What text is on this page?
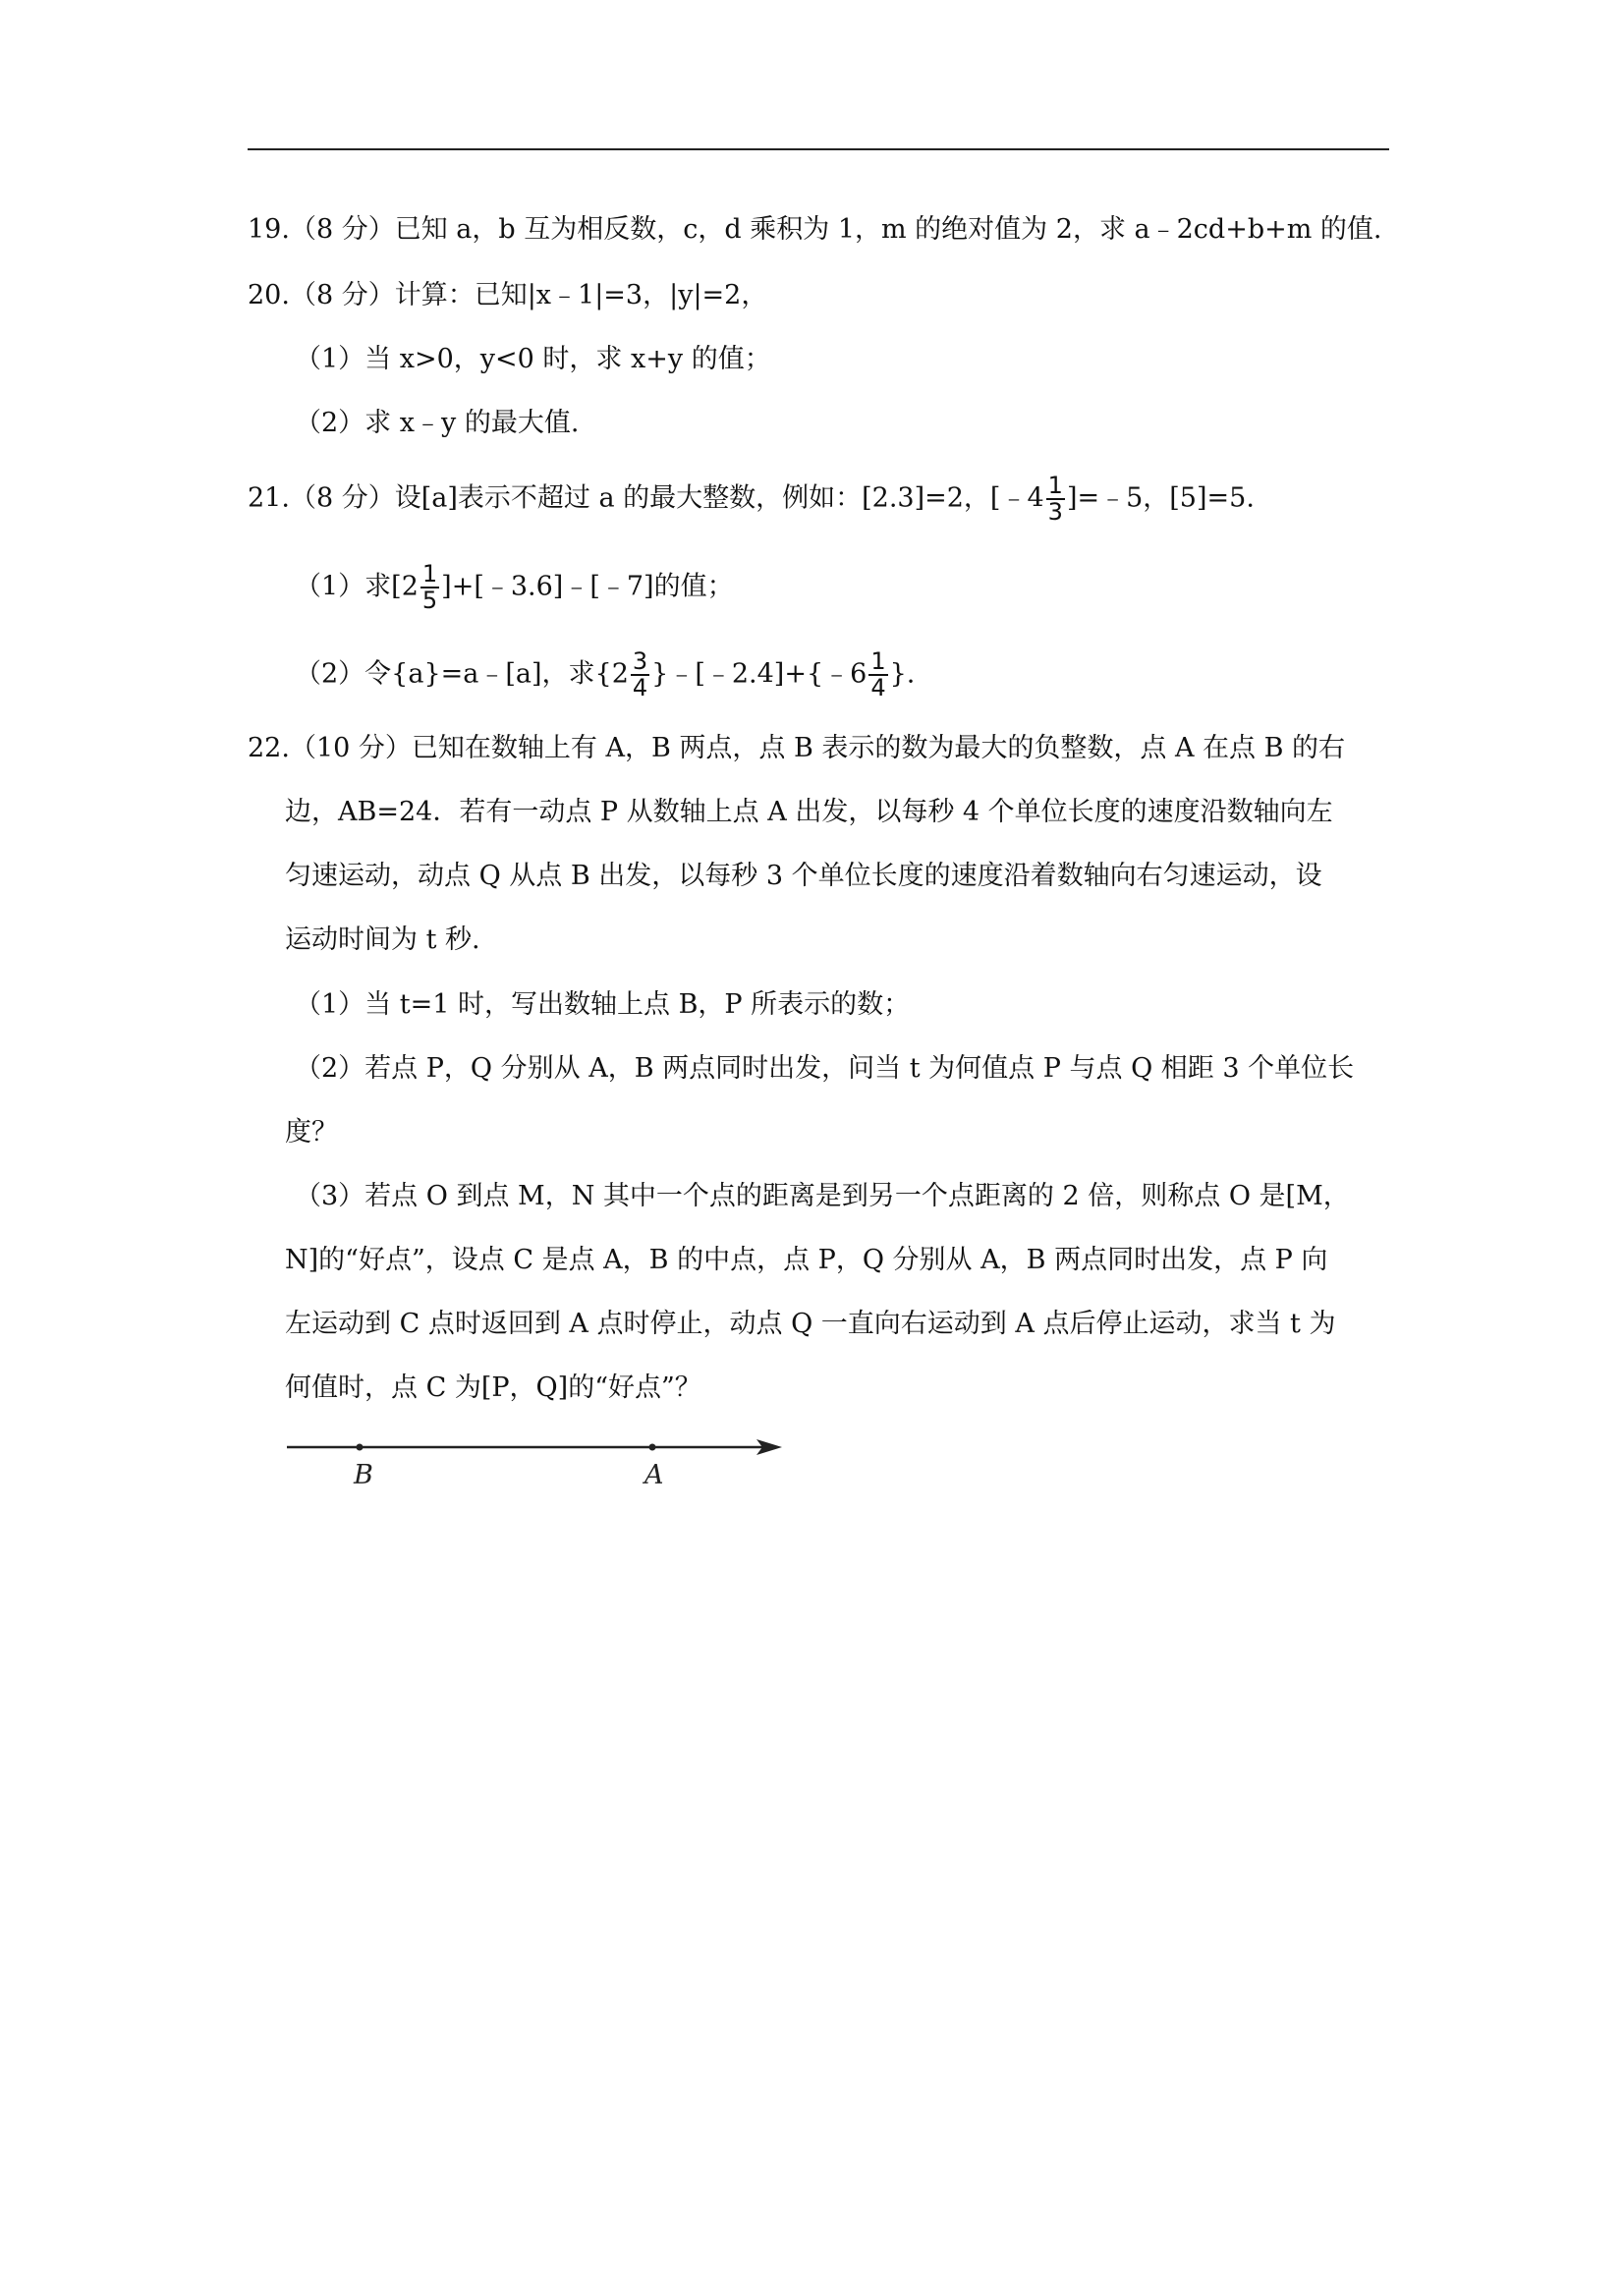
19.（8 分）已知 a，b 互为相反数，c，d 乘积为 1，m 的绝对值为 2，求 a﹣2cd+b+m 的值.
20.（8 分）计算：已知|x﹣1|=3，|y|=2，
（1）当 x>0，y<0 时，求 x+y 的值；
（2）求 x﹣y 的最大值.
21.（8 分）设[a]表示不超过 a 的最大整数，例如：[2.3]=2，[﹣4 $\frac{1}{3}$ ]=﹣5，[5]=5.
（1）求[$2 \frac{1}{5}$ ]+[﹣3.6]﹣[﹣7]的值；
（2）令{a}=a﹣[a]，求{$2 \frac{3}{4}$ }﹣[﹣2.4]+{﹣6 $\frac{1}{4}$ }.
22.（10 分）已知在数轴上有 A，B 两点，点 B 表示的数为最大的负整数，点 A 在点 B 的右
边，AB=24．若有一动点 P 从数轴上点 A 出发，以每秒 4 个单位长度的速度沿数轴向左
匀速运动，动点 Q 从点 B 出发，以每秒 3 个单位长度的速度沿着数轴向右匀速运动，设
运动时间为 t 秒.
（1）当 t=1 时，写出数轴上点 B，P 所表示的数；
（2）若点 P，Q 分别从 A，B 两点同时出发，问当 t 为何值点 P 与点 Q 相距 3 个单位长
度？
（3）若点 O 到点 M，N 其中一个点的距离是到另一个点距离的 2 倍，则称点 O 是[M，
N]的“好点”，设点 C 是点 A，B 的中点，点 P，Q 分别从 A，B 两点同时出发，点 P 向
左运动到 C 点时返回到 A 点时停止，动点 Q 一直向右运动到 A 点后停止运动，求当 t 为
何值时，点 C 为[P，Q]的“好点”？
B	A
